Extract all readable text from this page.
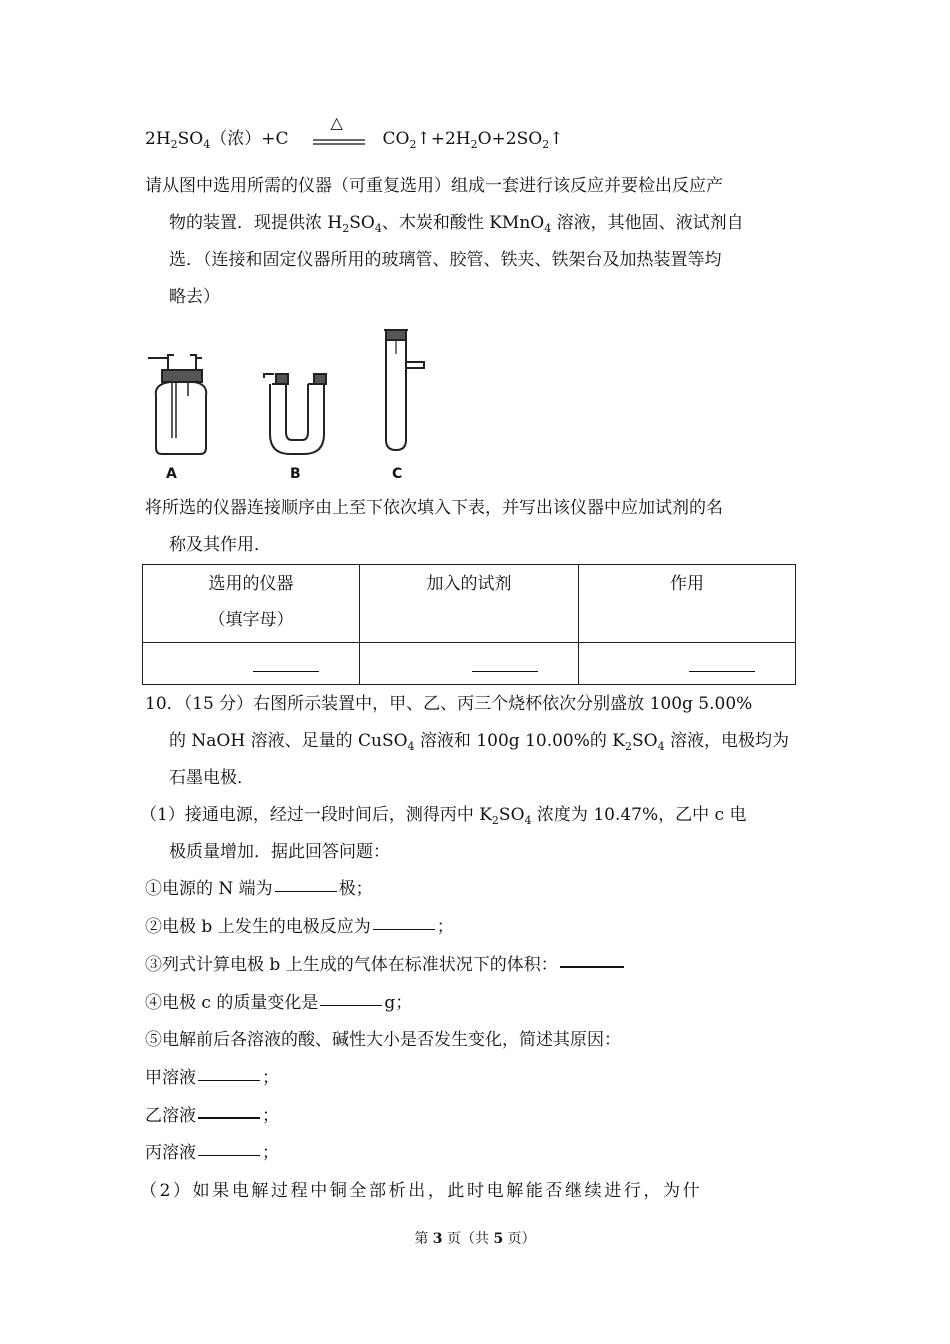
$2H_2SO_4$（浓）+C
△
$CO_2↑+2H_2O+2SO_2↑$
请从图中选用所需的仪器（可重复选用）组成一套进行该反应并要检出反应产
物的装置．现提供浓 $H_2SO_4$、木炭和酸性 KMnO$_4$ 溶液，其他固、液试剂自
选．（连接和固定仪器所用的玻璃管、胶管、铁夹、铁架台及加热装置等均
略去）
A	B	C
将所选的仪器连接顺序由上至下依次填入下表，并写出该仪器中应加试剂的名
称及其作用．
选用的仪器
（填字母）	加入的试剂	作用

10．（15 分）右图所示装置中，甲、乙、丙三个烧杯依次分别盛放 100g 5.00%
的 NaOH 溶液、足量的 CuSO$_4$ 溶液和 100g 10.00%的 $K_2SO_4$ 溶液，电极均为
石墨电极．
（1）接通电源，经过一段时间后，测得丙中 $K_2SO_4$ 浓度为 10.47%，乙中 c 电
极质量增加．据此回答问题：
①电源的 N 端为	极；
②电极 b 上发生的电极反应为	；
③列式计算电极 b 上生成的气体在标准状况下的体积：
④电极 c 的质量变化是	g；
⑤电解前后各溶液的酸、碱性大小是否发生变化，简述其原因：
甲溶液	；
乙溶液	；
丙溶液	；
（2）如果电解过程中铜全部析出，此时电解能否继续进行，为什
第 3 页（共 5 页）
